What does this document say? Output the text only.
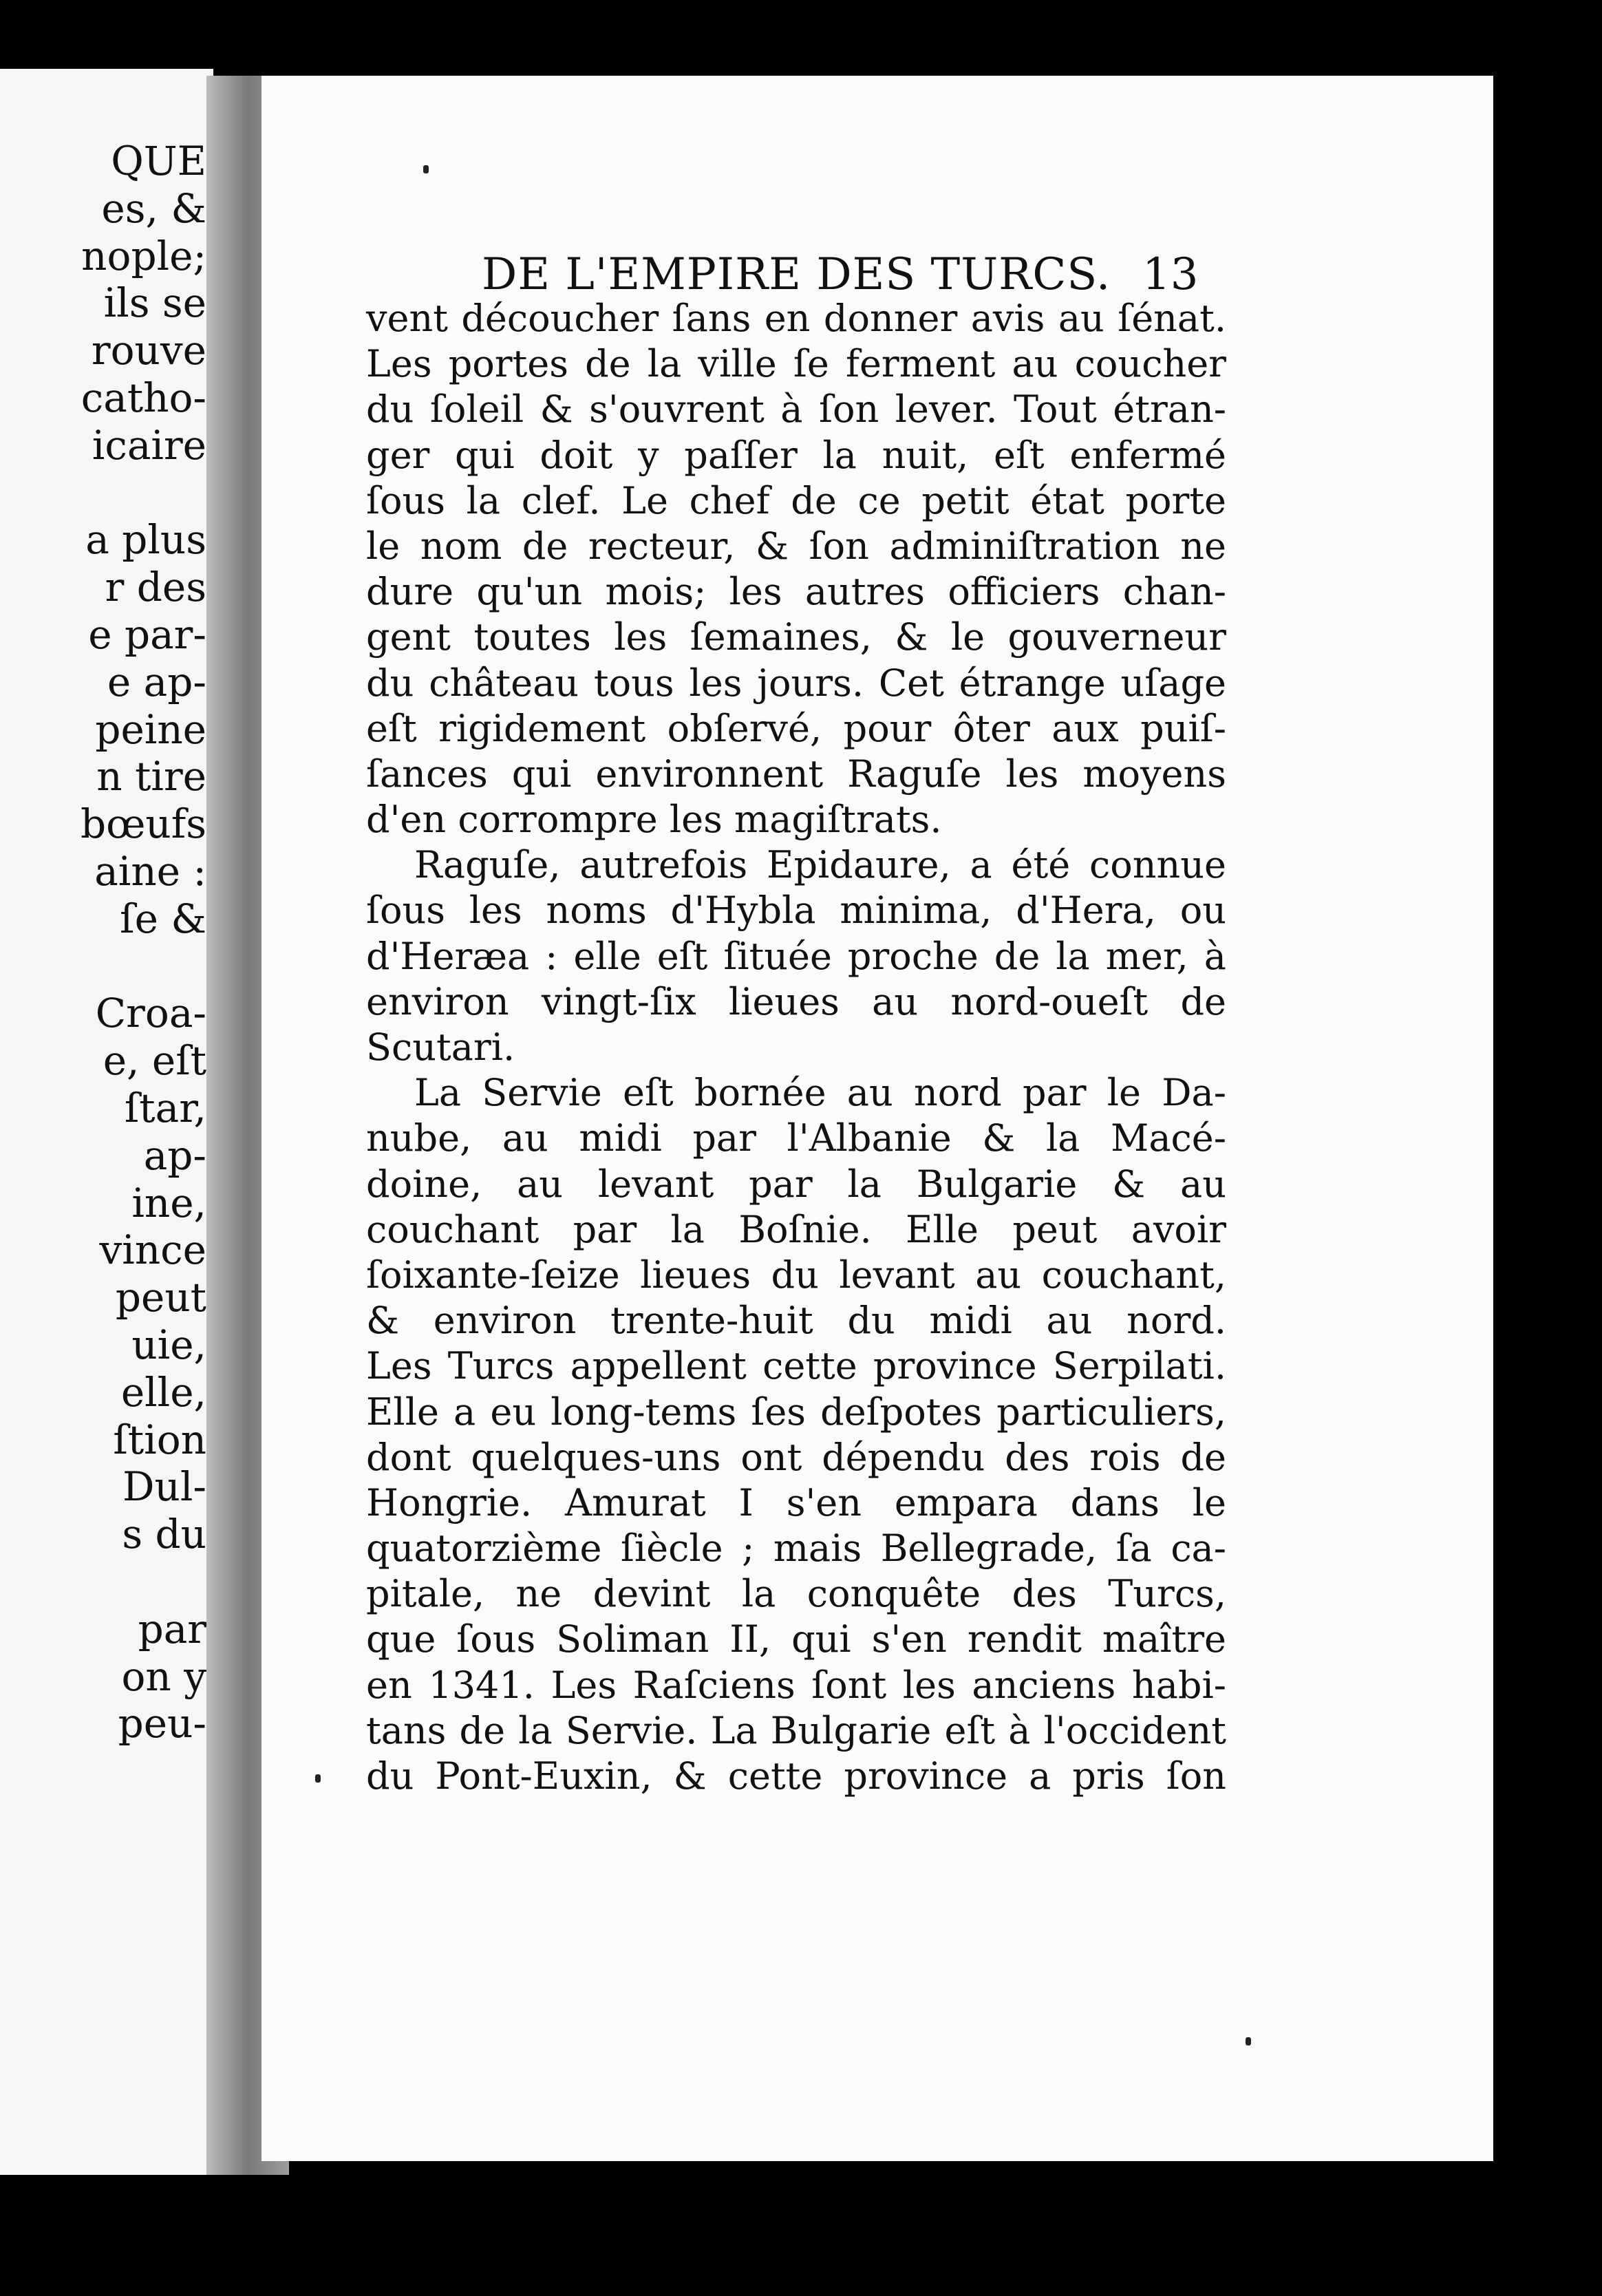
QUE
es, &
nople;
ils se
rouve
catho-
icaire
a plus
r des
e par-
e ap-
peine
n tire
bœufs
aine :
ſe &
Croa-
e, eſt
ſtar,
ap-
ine,
vince
peut
uie,
elle,
ſtion
Dul-
s du
par
on y
peu-
DE L'EMPIRE DES TURCS. 13
vent découcher ſans en donner avis au ſénat.
Les portes de la ville ſe ferment au coucher
du ſoleil & s'ouvrent à ſon lever. Tout étran-
ger qui doit y paſſer la nuit, eſt enfermé
ſous la clef. Le chef de ce petit état porte
le nom de recteur, & ſon adminiſtration ne
dure qu'un mois; les autres officiers chan-
gent toutes les ſemaines, & le gouverneur
du château tous les jours. Cet étrange uſage
eſt rigidement obſervé, pour ôter aux puiſ-
ſances qui environnent Raguſe les moyens
d'en corrompre les magiſtrats.
Raguſe, autrefois Epidaure, a été connue
ſous les noms d'Hybla minima, d'Hera, ou
d'Heræa : elle eſt ſituée proche de la mer, à
environ vingt-ſix lieues au nord-oueſt de
Scutari.
La Servie eſt bornée au nord par le Da-
nube, au midi par l'Albanie & la Macé-
doine, au levant par la Bulgarie & au
couchant par la Boſnie. Elle peut avoir
ſoixante-ſeize lieues du levant au couchant,
& environ trente-huit du midi au nord.
Les Turcs appellent cette province Serpilati.
Elle a eu long-tems ſes deſpotes particuliers,
dont quelques-uns ont dépendu des rois de
Hongrie. Amurat I s'en empara dans le
quatorzième ſiècle ; mais Bellegrade, ſa ca-
pitale, ne devint la conquête des Turcs,
que ſous Soliman II, qui s'en rendit maître
en 1341. Les Raſciens ſont les anciens habi-
tans de la Servie. La Bulgarie eſt à l'occident
du Pont-Euxin, & cette province a pris ſon
